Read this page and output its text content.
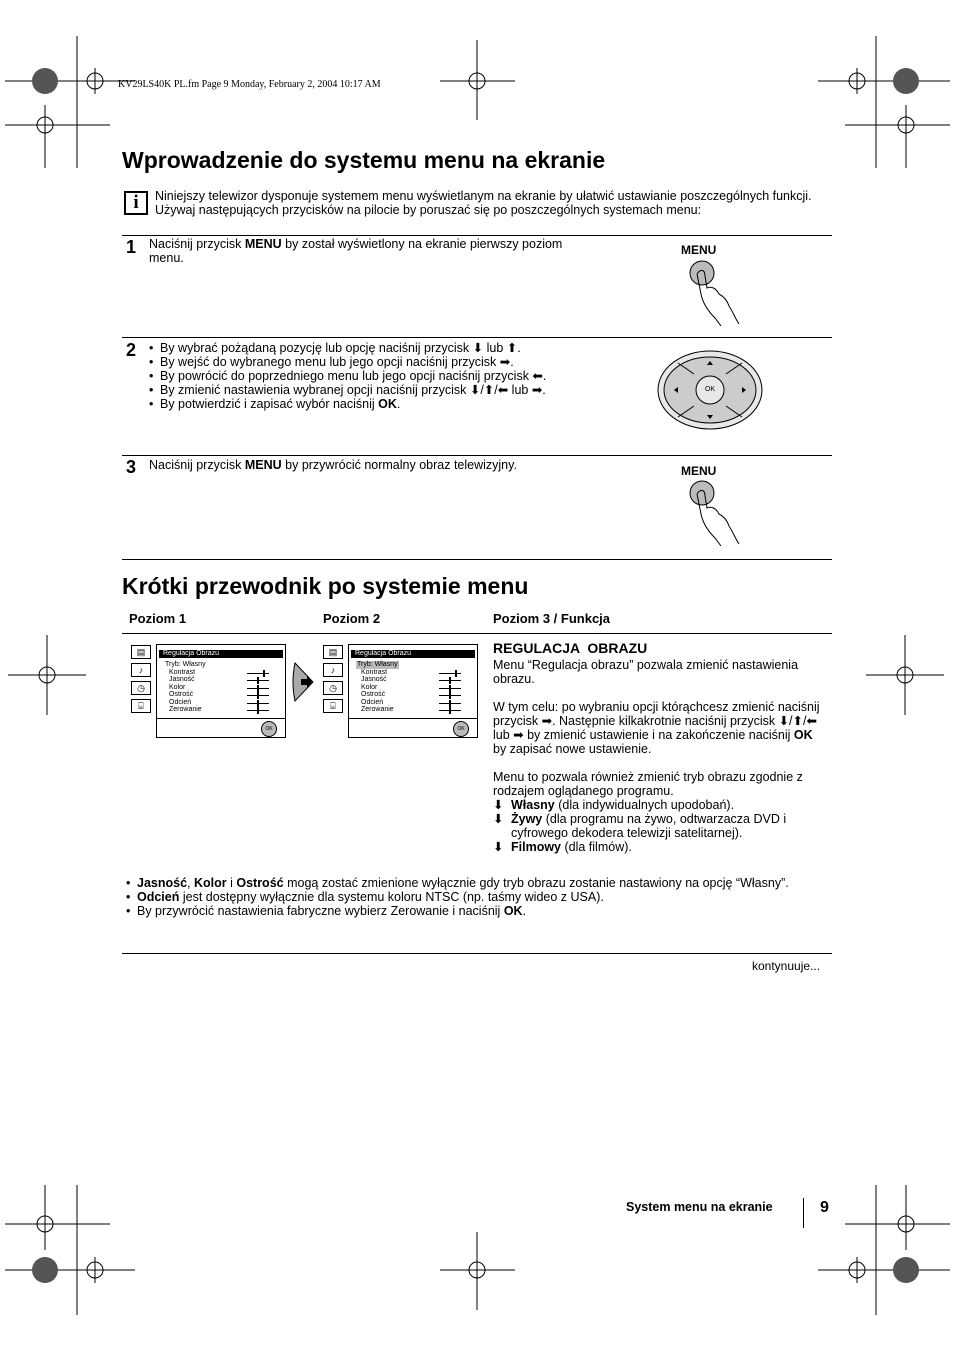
KV29LS40K PL.fm Page 9 Monday, February 2, 2004 10:17 AM
Wprowadzenie do systemu menu na ekranie
i	Niniejszy telewizor dysponuje systemem menu wyświetlanym na ekranie by ułatwić ustawianie poszczególnych funkcji. Używaj następujących przycisków na pilocie by poruszać się po poszczególnych systemach menu:
1 Naciśnij przycisk MENU by został wyświetlony na ekranie pierwszy poziom menu.
MENU
2
•	By wybrać pożądaną pozycję lub opcję naciśnij przycisk ⬇ lub ⬆.
• By wejść do wybranego menu lub jego opcji naciśnij przycisk ➡.
• By powrócić do poprzedniego menu lub jego opcji naciśnij przycisk ⬅.
• By zmienić nastawienia wybranej opcji naciśnij przycisk ⬇/⬆/⬅ lub ➡.
• By potwierdzić i zapisać wybór naciśnij OK.
OK
3 Naciśnij przycisk MENU by przywrócić normalny obraz telewizyjny.	MENU
Krótki przewodnik po systemie menu
Poziom 1	Poziom 2	Poziom 3 / Funkcja
▤
♪
◷
⌸
Regulacja Obrazu
Tryb: Własny
Kontrast
Jasność
Kolor
Ostrość
Odcień
Zerowanie
OK
▤
♪
◷
⌸
Regulacja Obrazu
Tryb: Własny
Kontrast
Jasność
Kolor
Ostrość
Odcień
Zerowanie
OK
REGULACJA  OBRAZU
Menu “Regulacja obrazu” pozwala zmienić nastawienia obrazu.
W tym celu: po wybraniu opcji którąchcesz zmienić naciśnij przycisk ➡. Następnie kilkakrotnie naciśnij przycisk ⬇/⬆/⬅ lub ➡ by zmienić ustawienie i na zakończenie naciśnij OK by zapisać nowe ustawienie.
Menu to pozwala również zmienić tryb obrazu zgodnie z rodzajem oglądanego programu.
⬇ Własny (dla indywidualnych upodobań).
⬇ Żywy (dla programu na żywo, odtwarzacza DVD i cyfrowego dekodera telewizji satelitarnej).
⬇ Filmowy (dla filmów).
• Jasność, Kolor i Ostrość mogą zostać zmienione wyłącznie gdy tryb obrazu zostanie nastawiony na opcję “Własny”.
• Odcień jest dostępny wyłącznie dla systemu koloru NTSC (np. taśmy wideo z USA).
• By przywrócić nastawienia fabryczne wybierz Zerowanie i naciśnij OK.
kontynuuje...
System menu na ekranie	9
